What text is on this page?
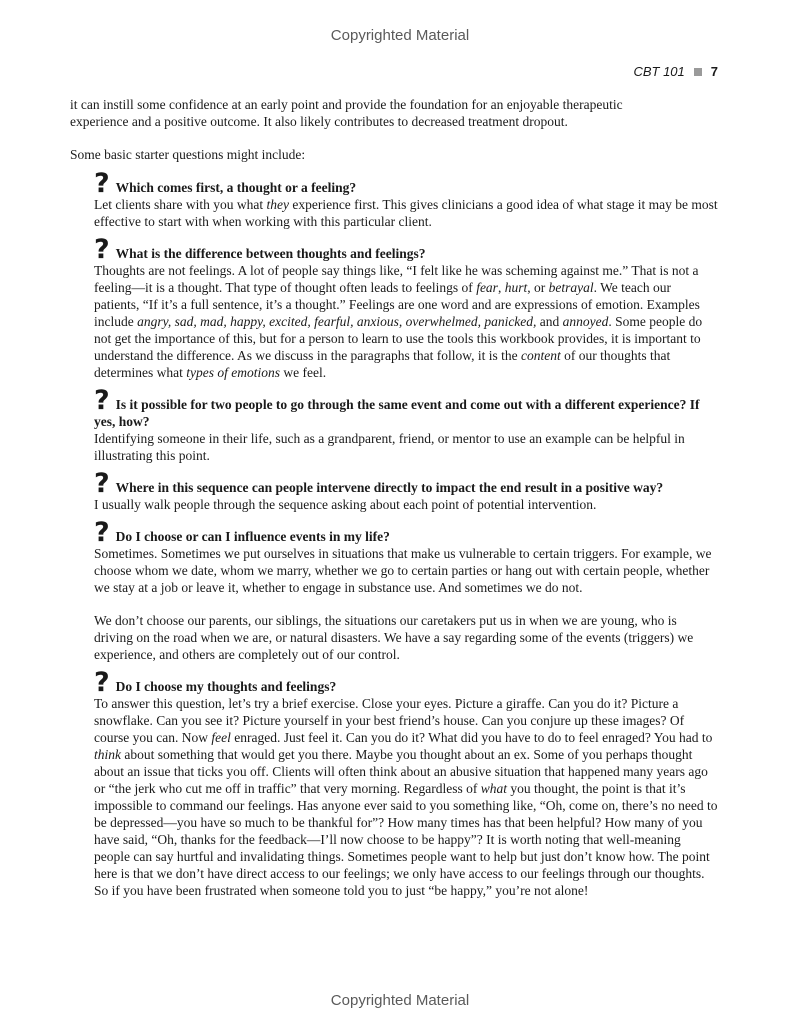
Copyrighted Material
CBT 101 7

it can instill some confidence at an early point and provide the foundation for an enjoyable therapeutic
experience and a positive outcome. It also likely contributes to decreased treatment dropout.

Some basic starter questions might include:

? Which comes first, a thought or a feeling?

Let clients share with you what they experience first. This gives clinicians a good idea of what stage it may be most effective to start with when working with this particular client.

? What is the difference between thoughts and feelings?

Thoughts are not feelings. A lot of people say things like, “I felt like he was scheming against me.” That is not a feeling—it is a thought. That type of thought often leads to feelings of fear, hurt, or betrayal. We teach our patients, “If it’s a full sentence, it’s a thought.” Feelings are one word and are expressions of emotion. Examples include angry, sad, mad, happy, excited, fearful, anxious, overwhelmed, panicked, and annoyed. Some people do not get the importance of this, but for a person to learn to use the tools this workbook provides, it is important to understand the difference. As we discuss in the paragraphs that follow, it is the content of our thoughts that determines what types of emotions we feel.

? Is it possible for two people to go through the same event and come out with a different experience? If yes, how?

Identifying someone in their life, such as a grandparent, friend, or mentor to use an example can be helpful in illustrating this point.

? Where in this sequence can people intervene directly to impact the end result in a positive way?

I usually walk people through the sequence asking about each point of potential intervention.

? Do I choose or can I influence events in my life?

Sometimes. Sometimes we put ourselves in situations that make us vulnerable to certain triggers. For example, we choose whom we date, whom we marry, whether we go to certain parties or hang out with certain people, whether we stay at a job or leave it, whether to engage in substance use. And sometimes we do not.

We don’t choose our parents, our siblings, the situations our caretakers put us in when we are young, who is driving on the road when we are, or natural disasters. We have a say regarding some of the events (triggers) we experience, and others are completely out of our control.

? Do I choose my thoughts and feelings?

To answer this question, let’s try a brief exercise. Close your eyes. Picture a giraffe. Can you do it? Picture a snowflake. Can you see it? Picture yourself in your best friend’s house. Can you conjure up these images? Of course you can. Now feel enraged. Just feel it. Can you do it? What did you have to do to feel enraged? You had to think about something that would get you there. Maybe you thought about an ex. Some of you perhaps thought about an issue that ticks you off. Clients will often think about an abusive situation that happened many years ago or “the jerk who cut me off in traffic” that very morning. Regardless of what you thought, the point is that it’s impossible to command our feelings. Has anyone ever said to you something like, “Oh, come on, there’s no need to be depressed—you have so much to be thankful for”? How many times has that been helpful? How many of you have said, “Oh, thanks for the feedback—I’ll now choose to be happy”? It is worth noting that well-meaning people can say hurtful and invalidating things. Sometimes people want to help but just don’t know how. The point here is that we don’t have direct access to our feelings; we only have access to our feelings through our thoughts. So if you have been frustrated when someone told you to just “be happy,” you’re not alone!

Copyrighted Material
